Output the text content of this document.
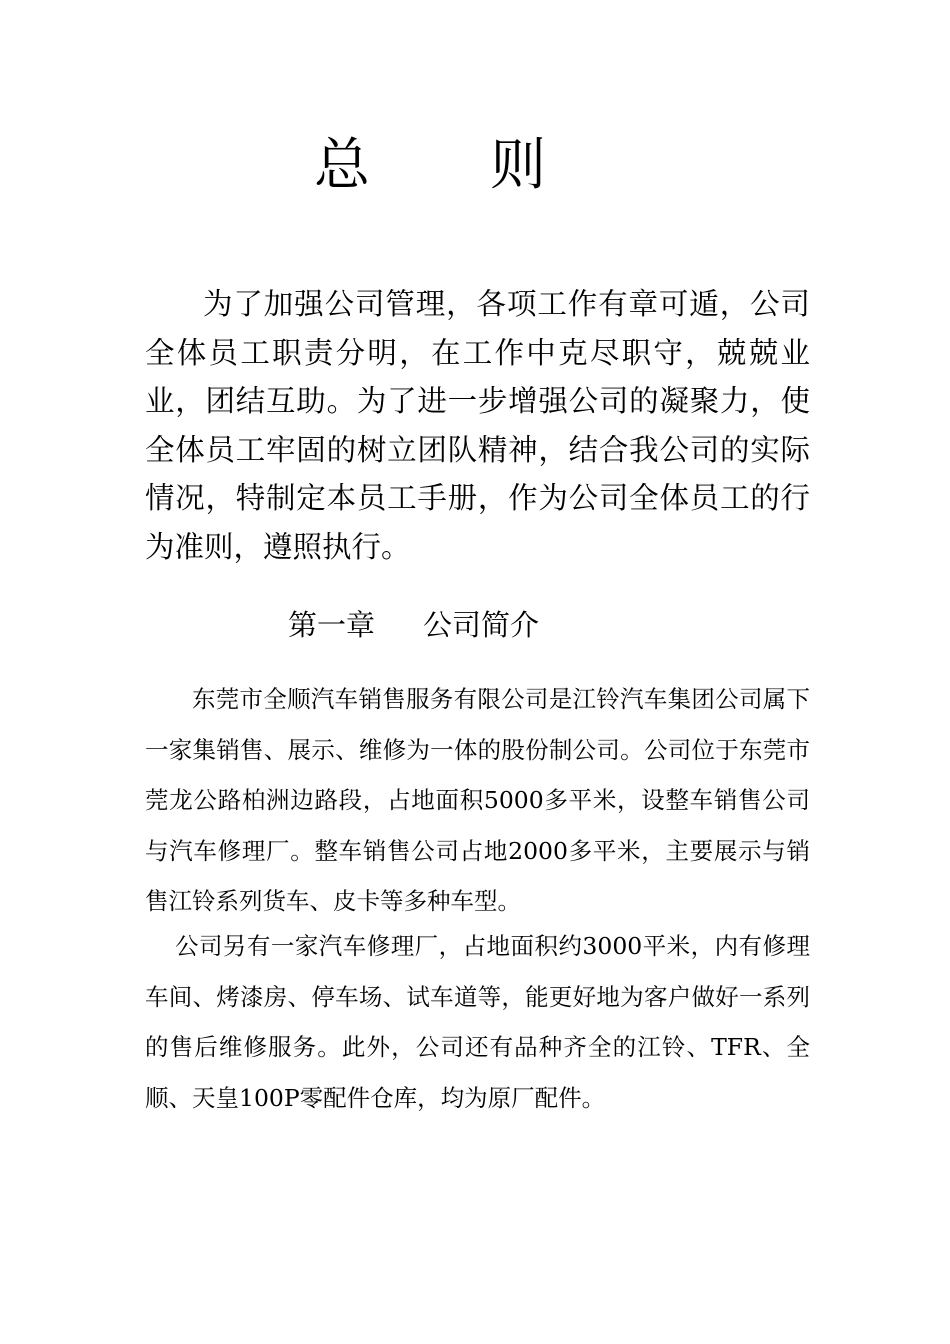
总 则

为了加强公司管理，各项工作有章可遁，公司全体员工职责分明，在工作中克尽职守，兢兢业业，团结互助。为了进一步增强公司的凝聚力，使全体员工牢固的树立团队精神，结合我公司的实际情况，特制定本员工手册，作为公司全体员工的行为准则，遵照执行。

第一章 公司简介

东莞市全顺汽车销售服务有限公司是江铃汽车集团公司属下一家集销售、展示、维修为一体的股份制公司。公司位于东莞市莞龙公路柏洲边路段，占地面积5000多平米，设整车销售公司与汽车修理厂。整车销售公司占地2000多平米，主要展示与销售江铃系列货车、皮卡等多种车型。

公司另有一家汽车修理厂，占地面积约3000平米，内有修理车间、烤漆房、停车场、试车道等，能更好地为客户做好一系列的售后维修服务。此外，公司还有品种齐全的江铃、TFR、全顺、天皇100P零配件仓库，均为原厂配件。
